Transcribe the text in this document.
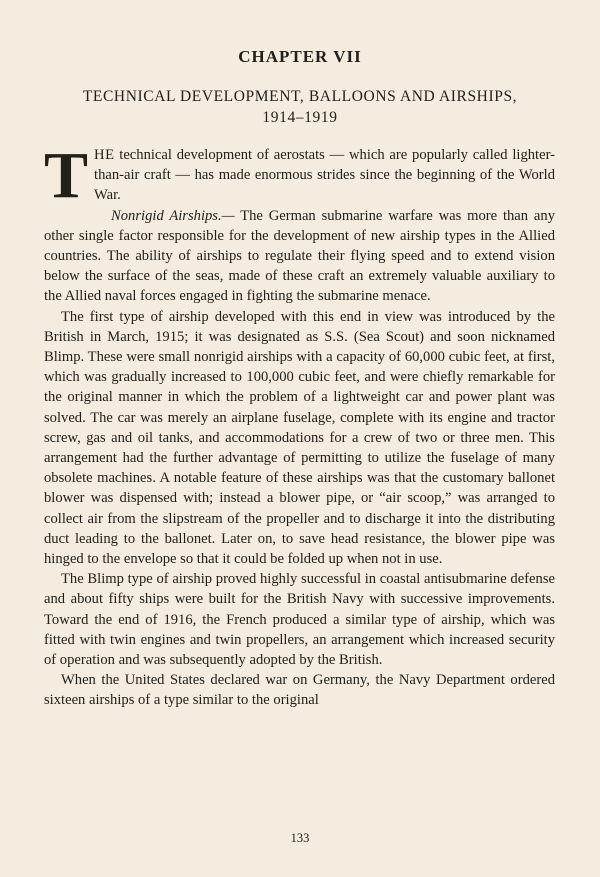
CHAPTER VII
TECHNICAL DEVELOPMENT, BALLOONS AND AIRSHIPS, 1914–1919

THE technical development of aerostats — which are popularly called lighter-than-air craft — has made enormous strides since the beginning of the World War.

Nonrigid Airships.— The German submarine warfare was more than any other single factor responsible for the development of new airship types in the Allied countries. The ability of airships to regulate their flying speed and to extend vision below the surface of the seas, made of these craft an extremely valuable auxiliary to the Allied naval forces engaged in fighting the submarine menace.

The first type of airship developed with this end in view was introduced by the British in March, 1915; it was designated as S.S. (Sea Scout) and soon nicknamed Blimp. These were small nonrigid airships with a capacity of 60,000 cubic feet, at first, which was gradually increased to 100,000 cubic feet, and were chiefly remarkable for the original manner in which the problem of a lightweight car and power plant was solved. The car was merely an airplane fuselage, complete with its engine and tractor screw, gas and oil tanks, and accommodations for a crew of two or three men. This arrangement had the further advantage of permitting to utilize the fuselage of many obsolete machines. A notable feature of these airships was that the customary ballonet blower was dispensed with; instead a blower pipe, or “air scoop,” was arranged to collect air from the slipstream of the propeller and to discharge it into the distributing duct leading to the ballonet. Later on, to save head resistance, the blower pipe was hinged to the envelope so that it could be folded up when not in use.

The Blimp type of airship proved highly successful in coastal antisubmarine defense and about fifty ships were built for the British Navy with successive improvements. Toward the end of 1916, the French produced a similar type of airship, which was fitted with twin engines and twin propellers, an arrangement which increased security of operation and was subsequently adopted by the British.

When the United States declared war on Germany, the Navy Department ordered sixteen airships of a type similar to the original

133
